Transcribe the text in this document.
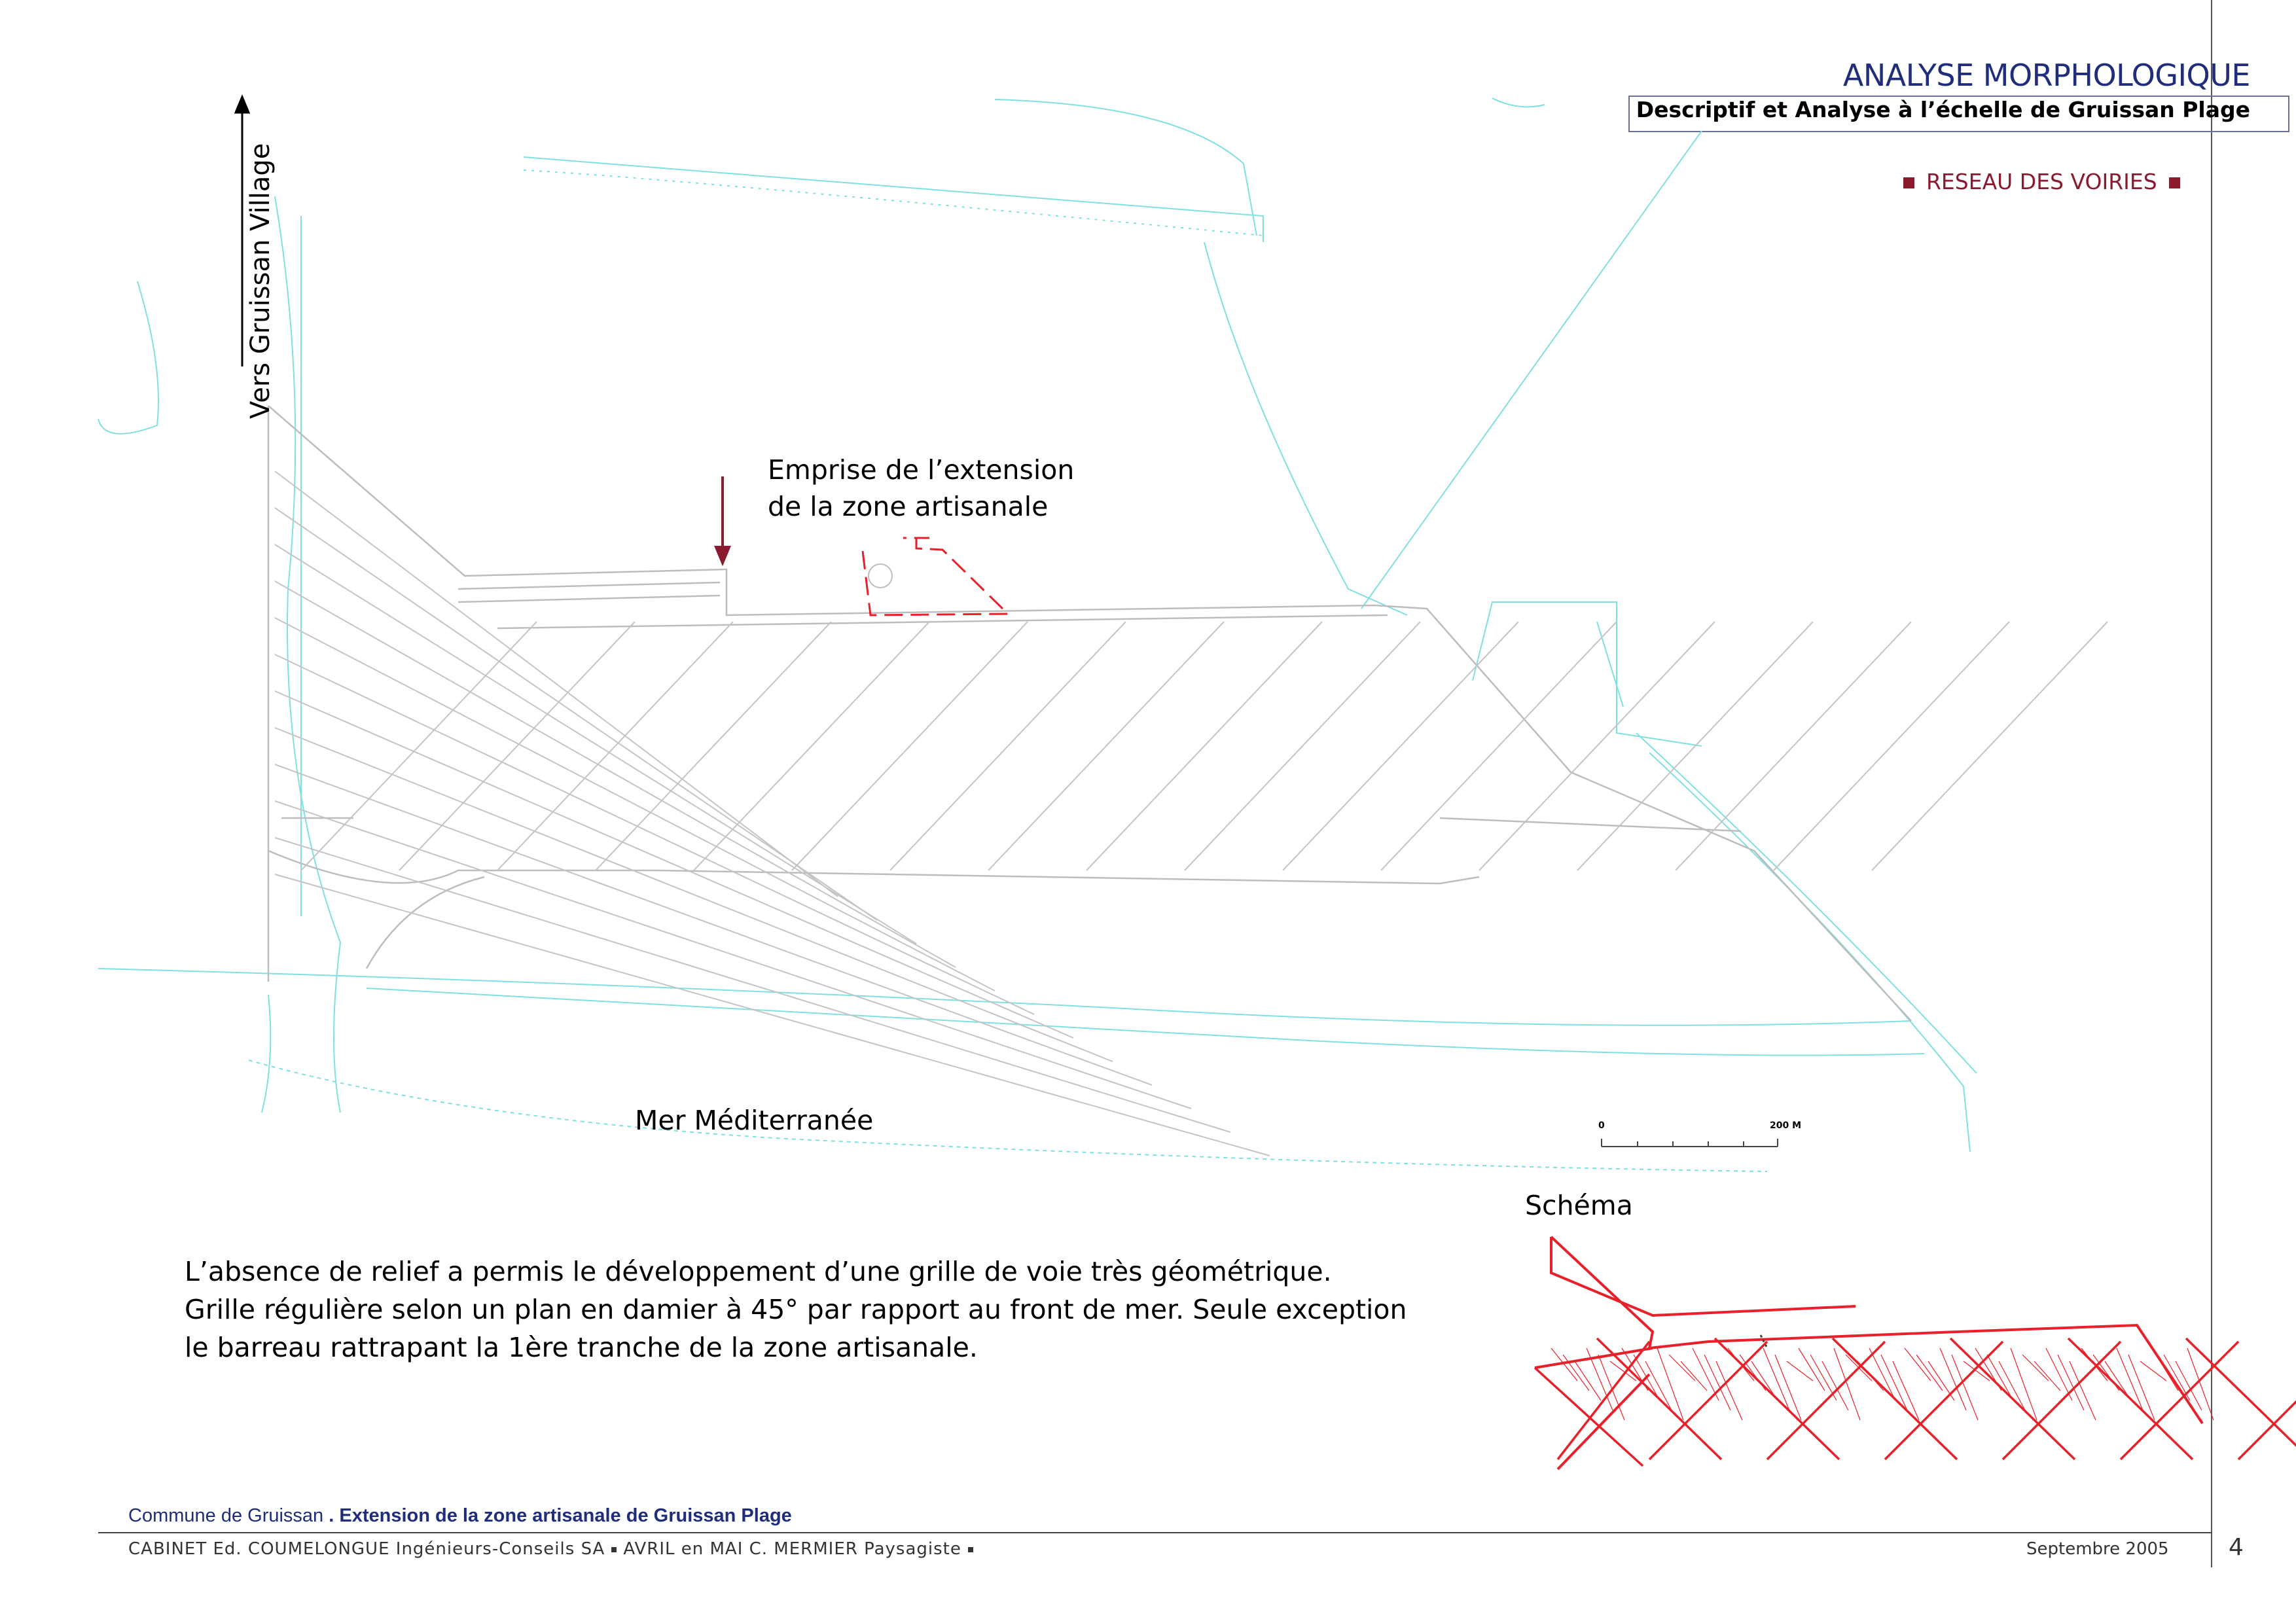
ANALYSE MORPHOLOGIQUE
Descriptif et Analyse à l’échelle de Gruissan Plage
RESEAU DES VOIRIES
Vers Gruissan Village
Emprise de l’extension
de la zone artisanale
Mer Méditerranée	0	200 M
Schéma
L’absence de relief a permis le développement d’une grille de voie très géométrique.
Grille régulière selon un plan en damier à 45° par rapport au front de mer. Seule exception
le barreau rattrapant la 1ère tranche de la zone artisanale.
Commune de Gruissan . Extension de la zone artisanale de Gruissan Plage
CABINET Ed. COUMELONGUE Ingénieurs-Conseils SA AVRIL en MAI C. MERMIER Paysagiste	Septembre 2005	4
